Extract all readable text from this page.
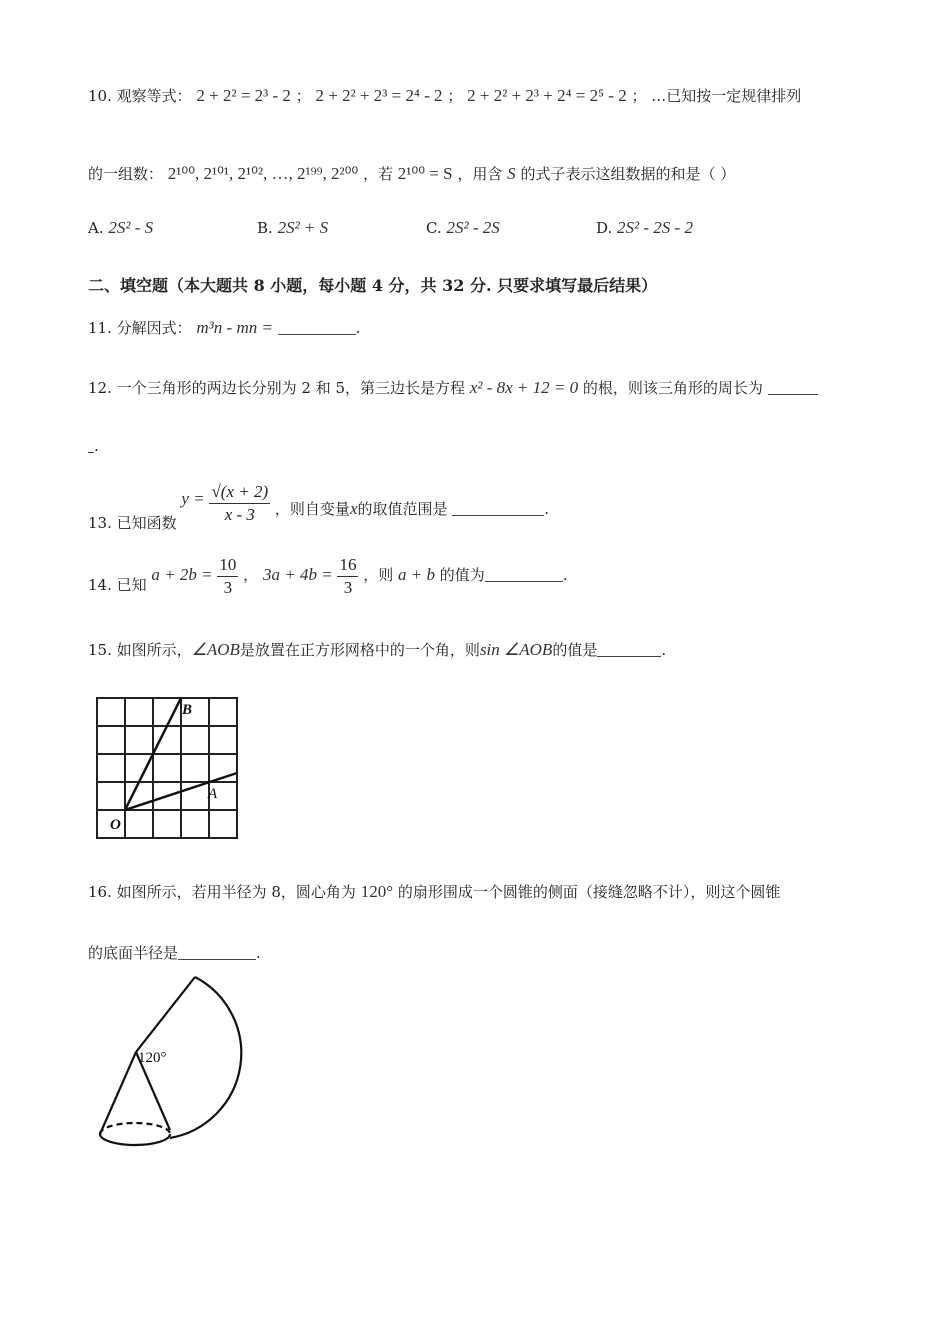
10. 观察等式： 2 + 2² = 2³ - 2 ； 2 + 2² + 2³ = 2⁴ - 2 ； 2 + 2² + 2³ + 2⁴ = 2⁵ - 2 ； …已知按一定规律排列
的一组数： 2¹⁰⁰, 2¹⁰¹, 2¹⁰², …, 2¹⁹⁹, 2²⁰⁰ ，若 2¹⁰⁰ = S ，用含 S 的式子表示这组数据的和是（ ）
A. 2S² - S	B. 2S² + S	C. 2S² - 2S	D. 2S² - 2S - 2
二、填空题（本大题共 8 小题，每小题 4 分，共 32 分. 只要求填写最后结果）
11. 分解因式： m³n - mn =	.
12. 一个三角形的两边长分别为 2 和 5，第三边长是方程 x² - 8x + 12 = 0 的根，则该三角形的周长为
.
13. 已知函数 $y = \frac{√(x + 2)}{x - 3}$ ，则自变量x的取值范围是	.
14. 已知 $a + 2b = \frac{10}{3}$ ， $3a + 4b = \frac{16}{3}$ ，则 a + b 的值为	.
15. 如图所示，∠AOB是放置在正方形网格中的一个角，则sin ∠AOB的值是	.
O
A
B
16. 如图所示，若用半径为 8，圆心角为 120° 的扇形围成一个圆锥的侧面（接缝忽略不计），则这个圆锥
的底面半径是	.
120°
